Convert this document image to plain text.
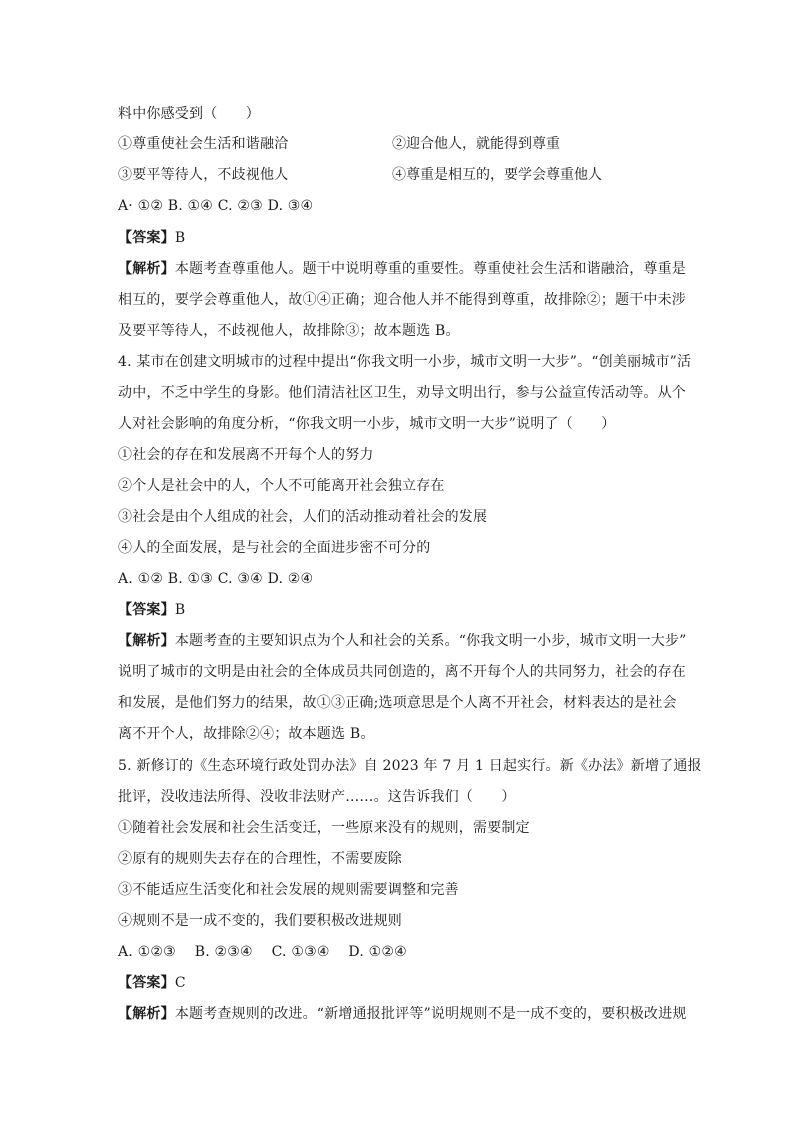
料中你感受到（　　）
①尊重使社会生活和谐融洽	②迎合他人，就能得到尊重
③要平等待人，不歧视他人	④尊重是相互的，要学会尊重他人
A· ①② B. ①④ C. ②③ D. ③④
【答案】B
【解析】本题考查尊重他人。题干中说明尊重的重要性。尊重使社会生活和谐融洽，尊重是
相互的，要学会尊重他人，故①④正确；迎合他人并不能得到尊重，故排除②；题干中未涉
及要平等待人，不歧视他人，故排除③；故本题选 B。
4. 某市在创建文明城市的过程中提出“你我文明一小步，城市文明一大步”。“创美丽城市”活
动中，不乏中学生的身影。他们清洁社区卫生，劝导文明出行，参与公益宣传活动等。从个
人对社会影响的角度分析，“你我文明一小步，城市文明一大步”说明了（　　）
①社会的存在和发展离不开每个人的努力
②个人是社会中的人，个人不可能离开社会独立存在
③社会是由个人组成的社会，人们的活动推动着社会的发展
④人的全面发展，是与社会的全面进步密不可分的
A. ①② B. ①③ C. ③④ D. ②④
【答案】B
【解析】本题考查的主要知识点为个人和社会的关系。“你我文明一小步，城市文明一大步”
说明了城市的文明是由社会的全体成员共同创造的，离不开每个人的共同努力，社会的存在
和发展，是他们努力的结果，故①③正确;选项意思是个人离不开社会，材料表达的是社会
离不开个人，故排除②④；故本题选 B。
5. 新修订的《生态环境行政处罚办法》自 2023 年 7 月 1 日起实行。新《办法》新增了通报
批评，没收违法所得、没收非法财产……。这告诉我们（　　）
①随着社会发展和社会生活变迁，一些原来没有的规则，需要制定
②原有的规则失去存在的合理性，不需要废除
③不能适应生活变化和社会发展的规则需要调整和完善
④规则不是一成不变的，我们要积极改进规则
A. ①②③　 B. ②③④　 C. ①③④　 D. ①②④
【答案】C
【解析】本题考查规则的改进。“新增通报批评等”说明规则不是一成不变的，要积极改进规
